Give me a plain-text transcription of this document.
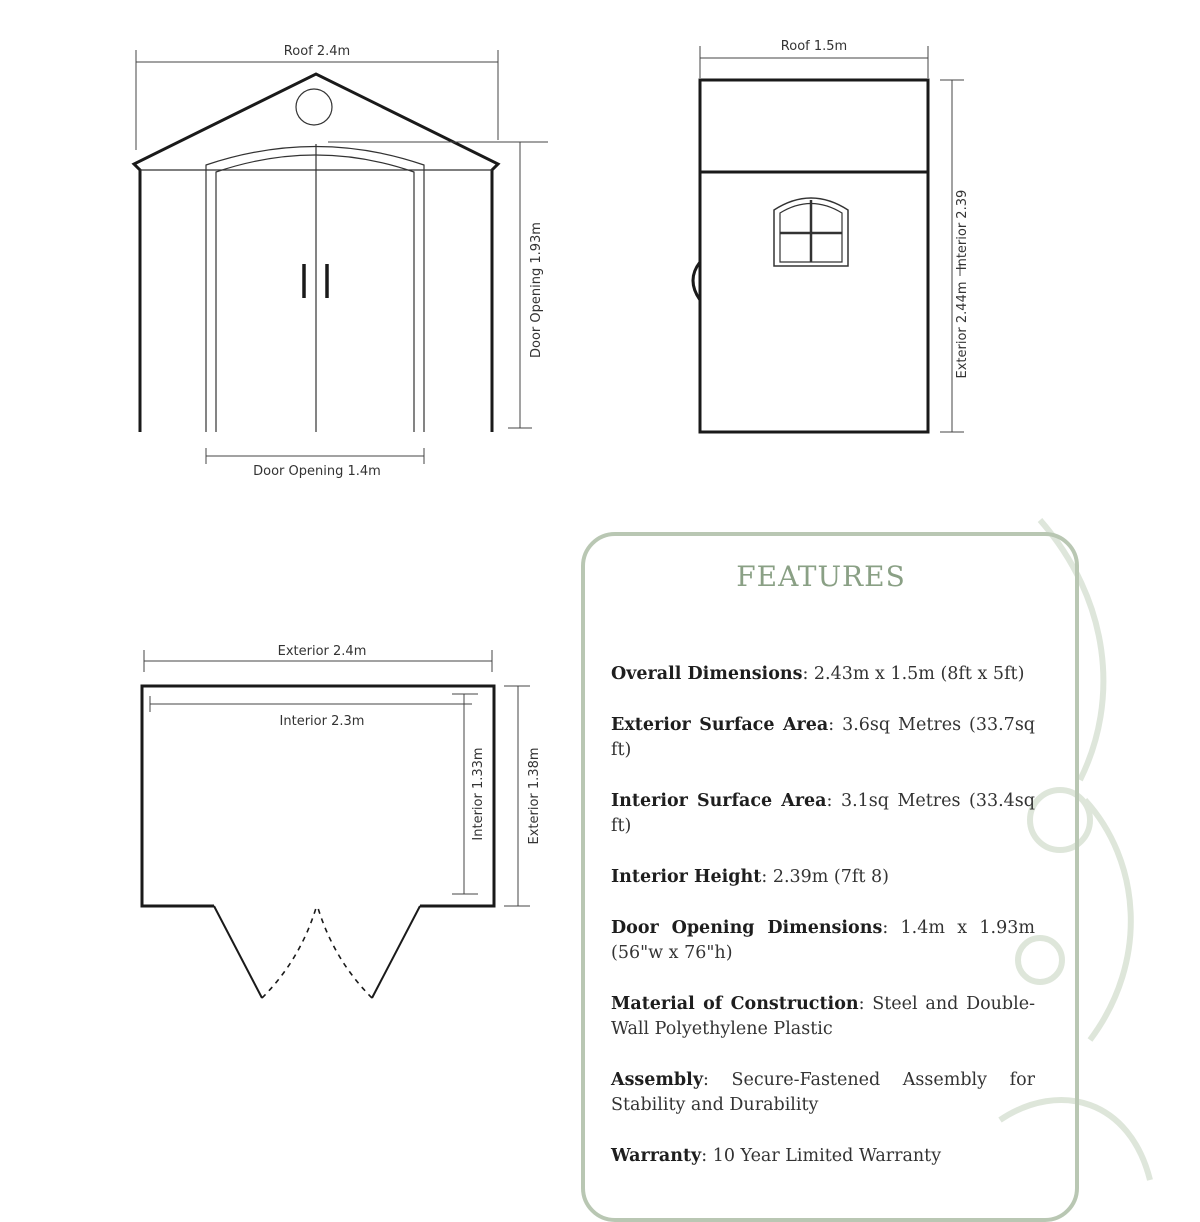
Roof 2.4m
Door Opening 1.93m
Door Opening 1.4m
Roof 1.5m
Exterior 2.44m
Interior 2.39
Exterior 2.4m
Interior 2.3m
Interior 1.33m	Exterior 1.38m
FEATURES
Overall Dimensions: 2.43m x 1.5m (8ft x 5ft)
Exterior Surface Area: 3.6sq Metres (33.7sq ft)
Interior Surface Area: 3.1sq Metres (33.4sq ft)
Interior Height: 2.39m (7ft 8)
Door Opening Dimensions: 1.4m x 1.93m (56"w x 76"h)
Material of Construction: Steel and Double-Wall Polyethylene Plastic
Assembly: Secure-Fastened Assembly for Stability and Durability
Warranty: 10 Year Limited Warranty
